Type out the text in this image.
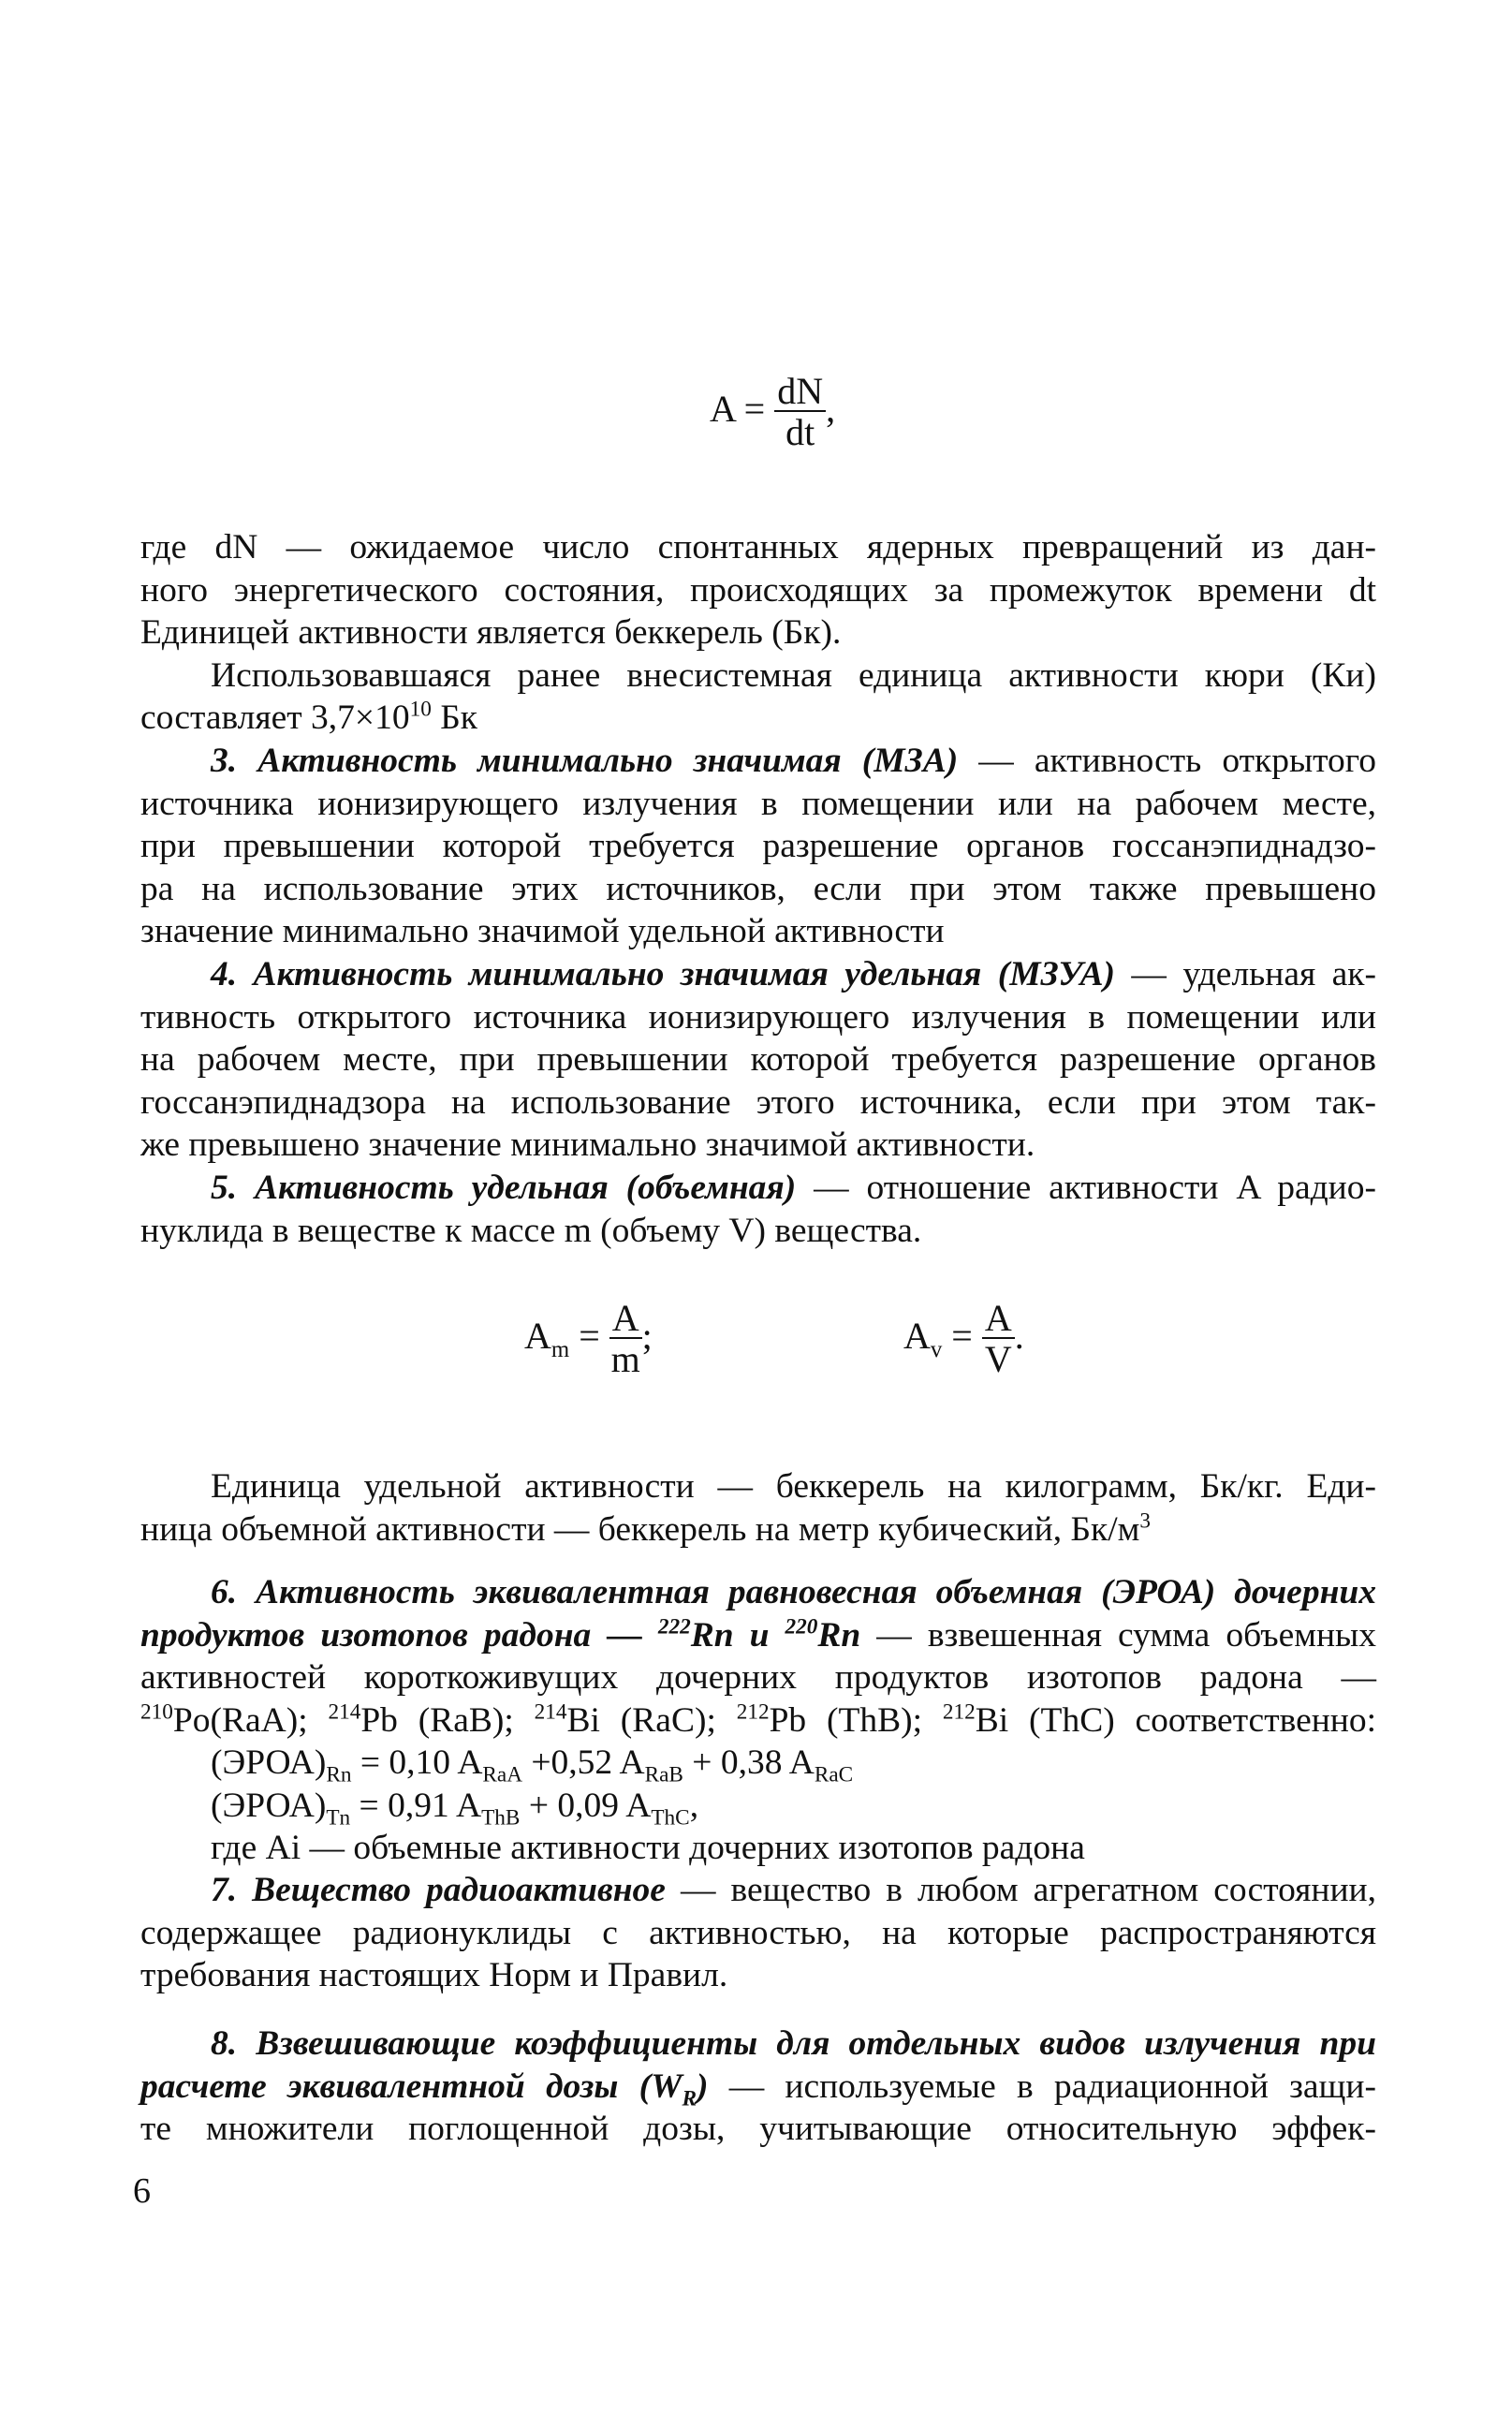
$A = \frac{dN}{dt}$ ,
где dN — ожидаемое число спонтанных ядерных превращений из дан-
ного энергетического состояния, происходящих за промежуток времени dt
Единицей активности является беккерель (Бк).
Использовавшаяся ранее внесистемная единица активности кюри (Ки)
составляет $3,7\times 10^{10}$ Бк
3. Активность минимально значимая (МЗА) — активность открытого
источника ионизирующего излучения в помещении или на рабочем месте,
при превышении которой требуется разрешение органов госсанэпиднадзо-
ра на использование этих источников, если при этом также превышено
значение минимально значимой удельной активности
4. Активность минимально значимая удельная (МЗУА) — удельная ак-
тивность открытого источника ионизирующего излучения в помещении или
на рабочем месте, при превышении которой требуется разрешение органов
госсанэпиднадзора на использование этого источника, если при этом так-
же превышено значение минимально значимой активности.
5. Активность удельная (объемная) — отношение активности A радио-
нуклида в веществе к массе m (объему V) вещества.
$A_m = \frac{A}{m}$ ;	$A_v = \frac{A}{V}$ .
Единица удельной активности — беккерель на килограмм, Бк/кг. Еди-
ница объемной активности — беккерель на метр кубический, $Бк/м^3$
6. Активность эквивалентная равновесная объемная (ЭРОА) дочерних
продуктов изотопов радона — $^{222}$Rn и $^{220}$Rn — взвешенная сумма объемных
активностей короткоживущих дочерних продуктов изотопов радона —
$^{210}$Po(RaA); $^{214}$Pb (RaB); $^{214}$Bi (RaC); $^{212}$Pb (ThB); $^{212}$Bi (ThC) соответственно:
$(ЭРОА)_{Rn} = 0,10$ $A_{RaA} +0,52$ $A_{RaB} + 0,38$ $A_{RaC}$
$(ЭРОА)_{Tn} = 0,91$ $A_{ThB} + 0,09$ $A_{ThC}$,
где Ai — объемные активности дочерних изотопов радона
7. Вещество радиоактивное — вещество в любом агрегатном состоянии,
содержащее радионуклиды с активностью, на которые распространяются
требования настоящих Норм и Правил.
8. Взвешивающие коэффициенты для отдельных видов излучения при
расчете эквивалентной дозы $(W_R)$ — используемые в радиационной защи-
те множители поглощенной дозы, учитывающие относительную эффек-
6
